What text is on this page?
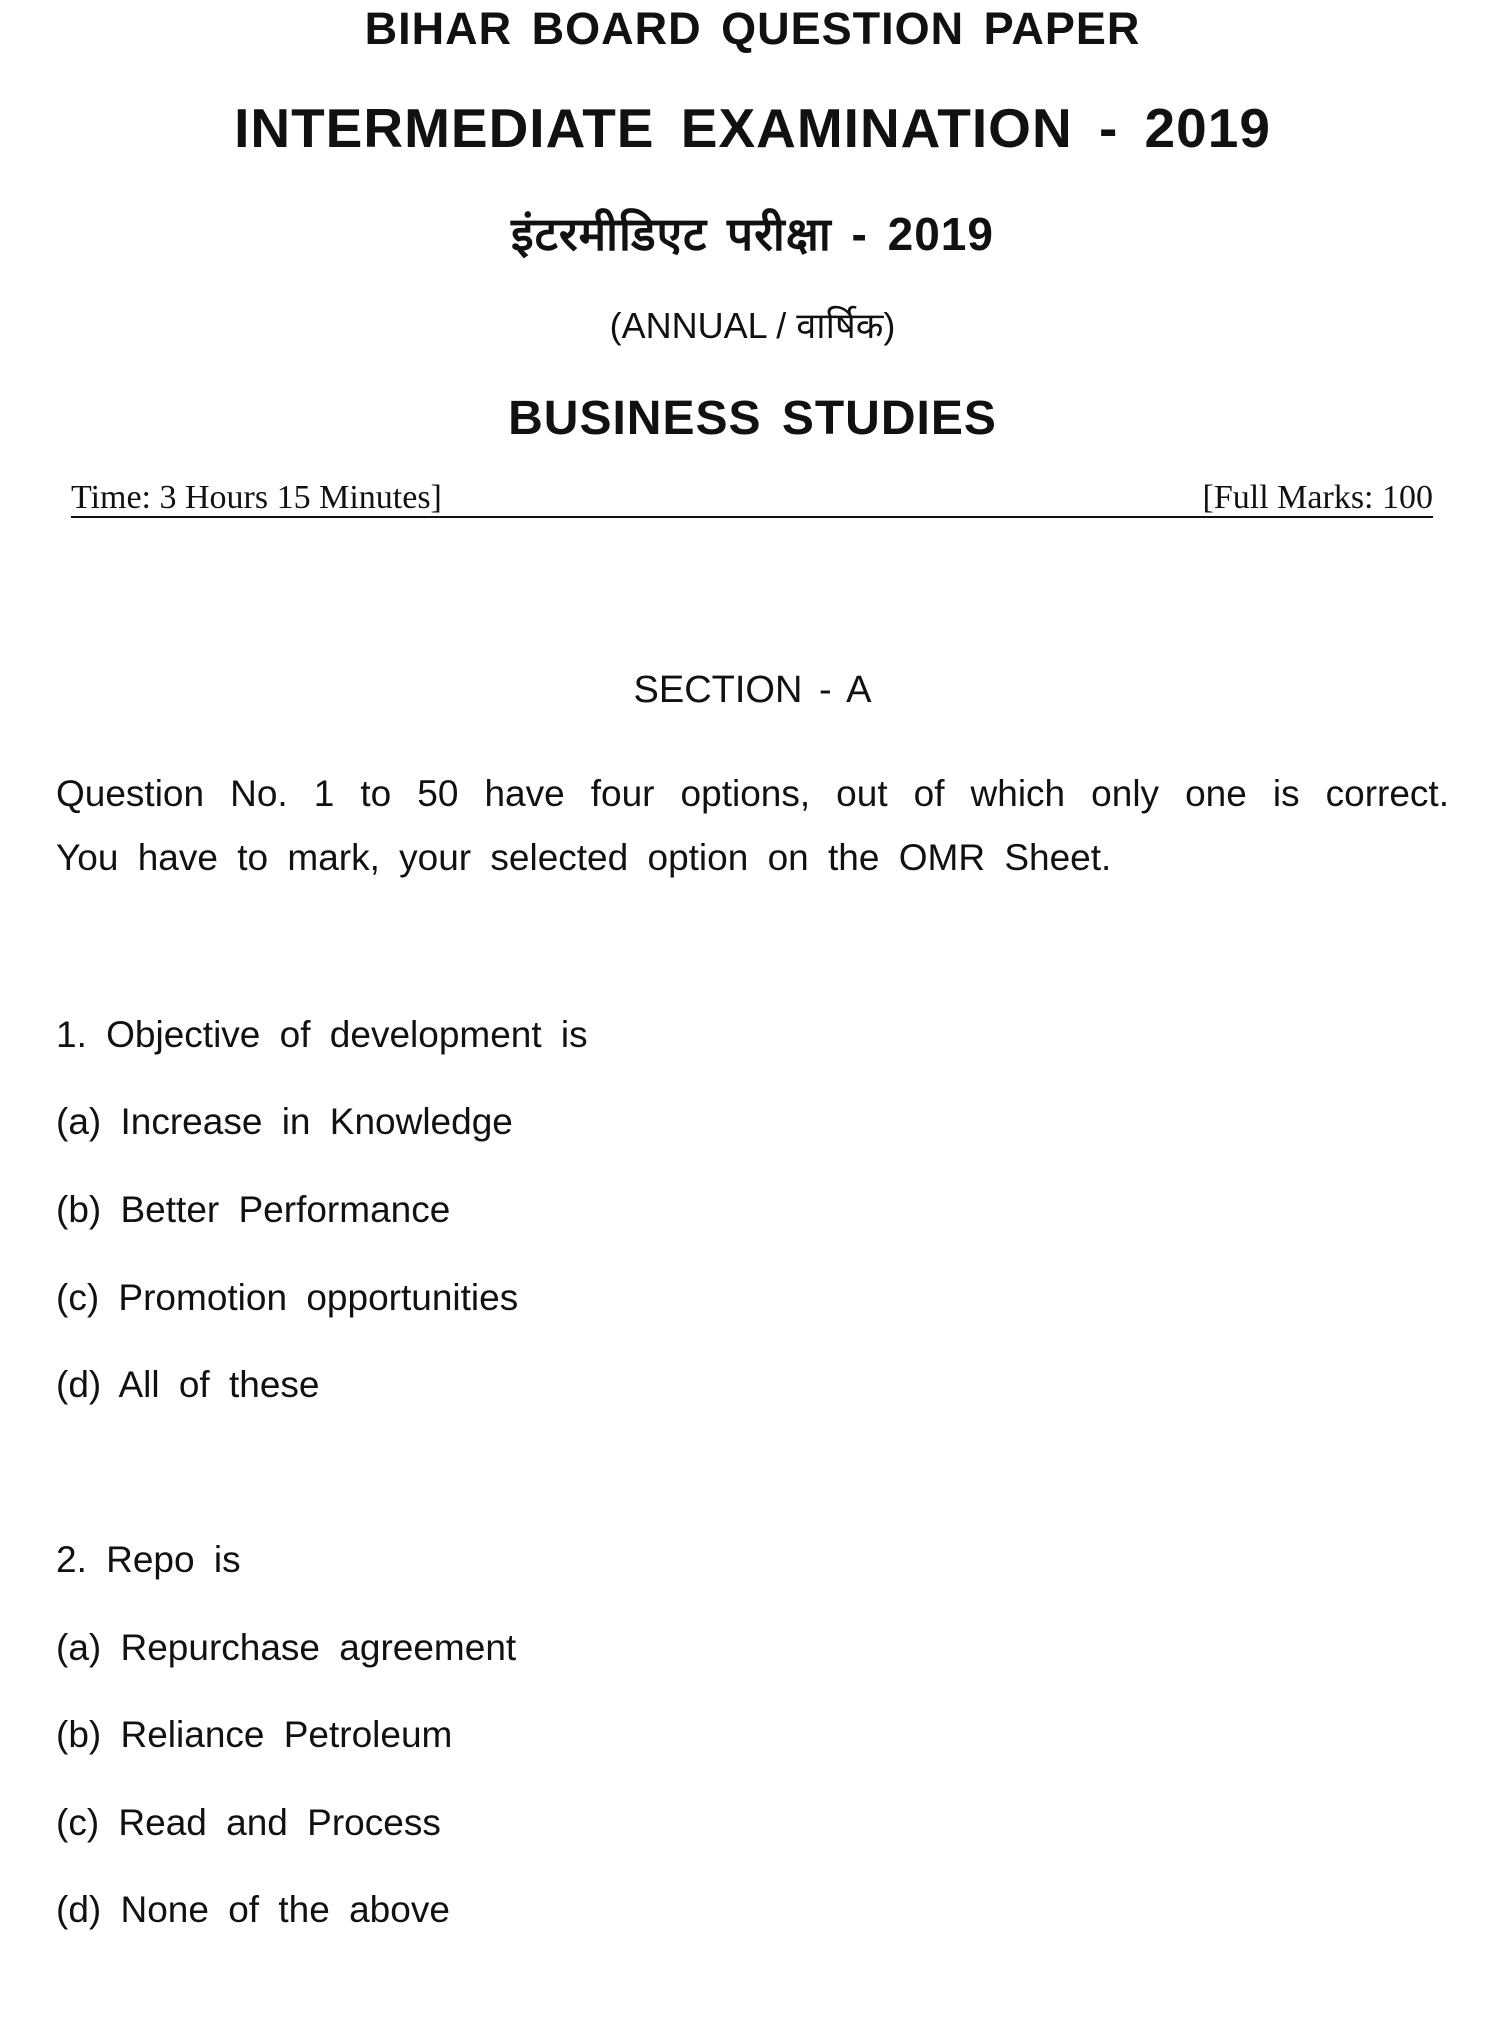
BIHAR BOARD QUESTION PAPER
INTERMEDIATE EXAMINATION - 2019
इंटरमीडिएट परीक्षा - 2019
(ANNUAL / वार्षिक)
BUSINESS STUDIES
Time: 3 Hours 15 Minutes]	[Full Marks: 100
SECTION - A
Question No. 1 to 50 have four options, out of which only one is correct.
You have to mark, your selected option on the OMR Sheet.
1. Objective of development is
(a) Increase in Knowledge
(b) Better Performance
(c) Promotion opportunities
(d) All of these
2. Repo is
(a) Repurchase agreement
(b) Reliance Petroleum
(c) Read and Process
(d) None of the above
